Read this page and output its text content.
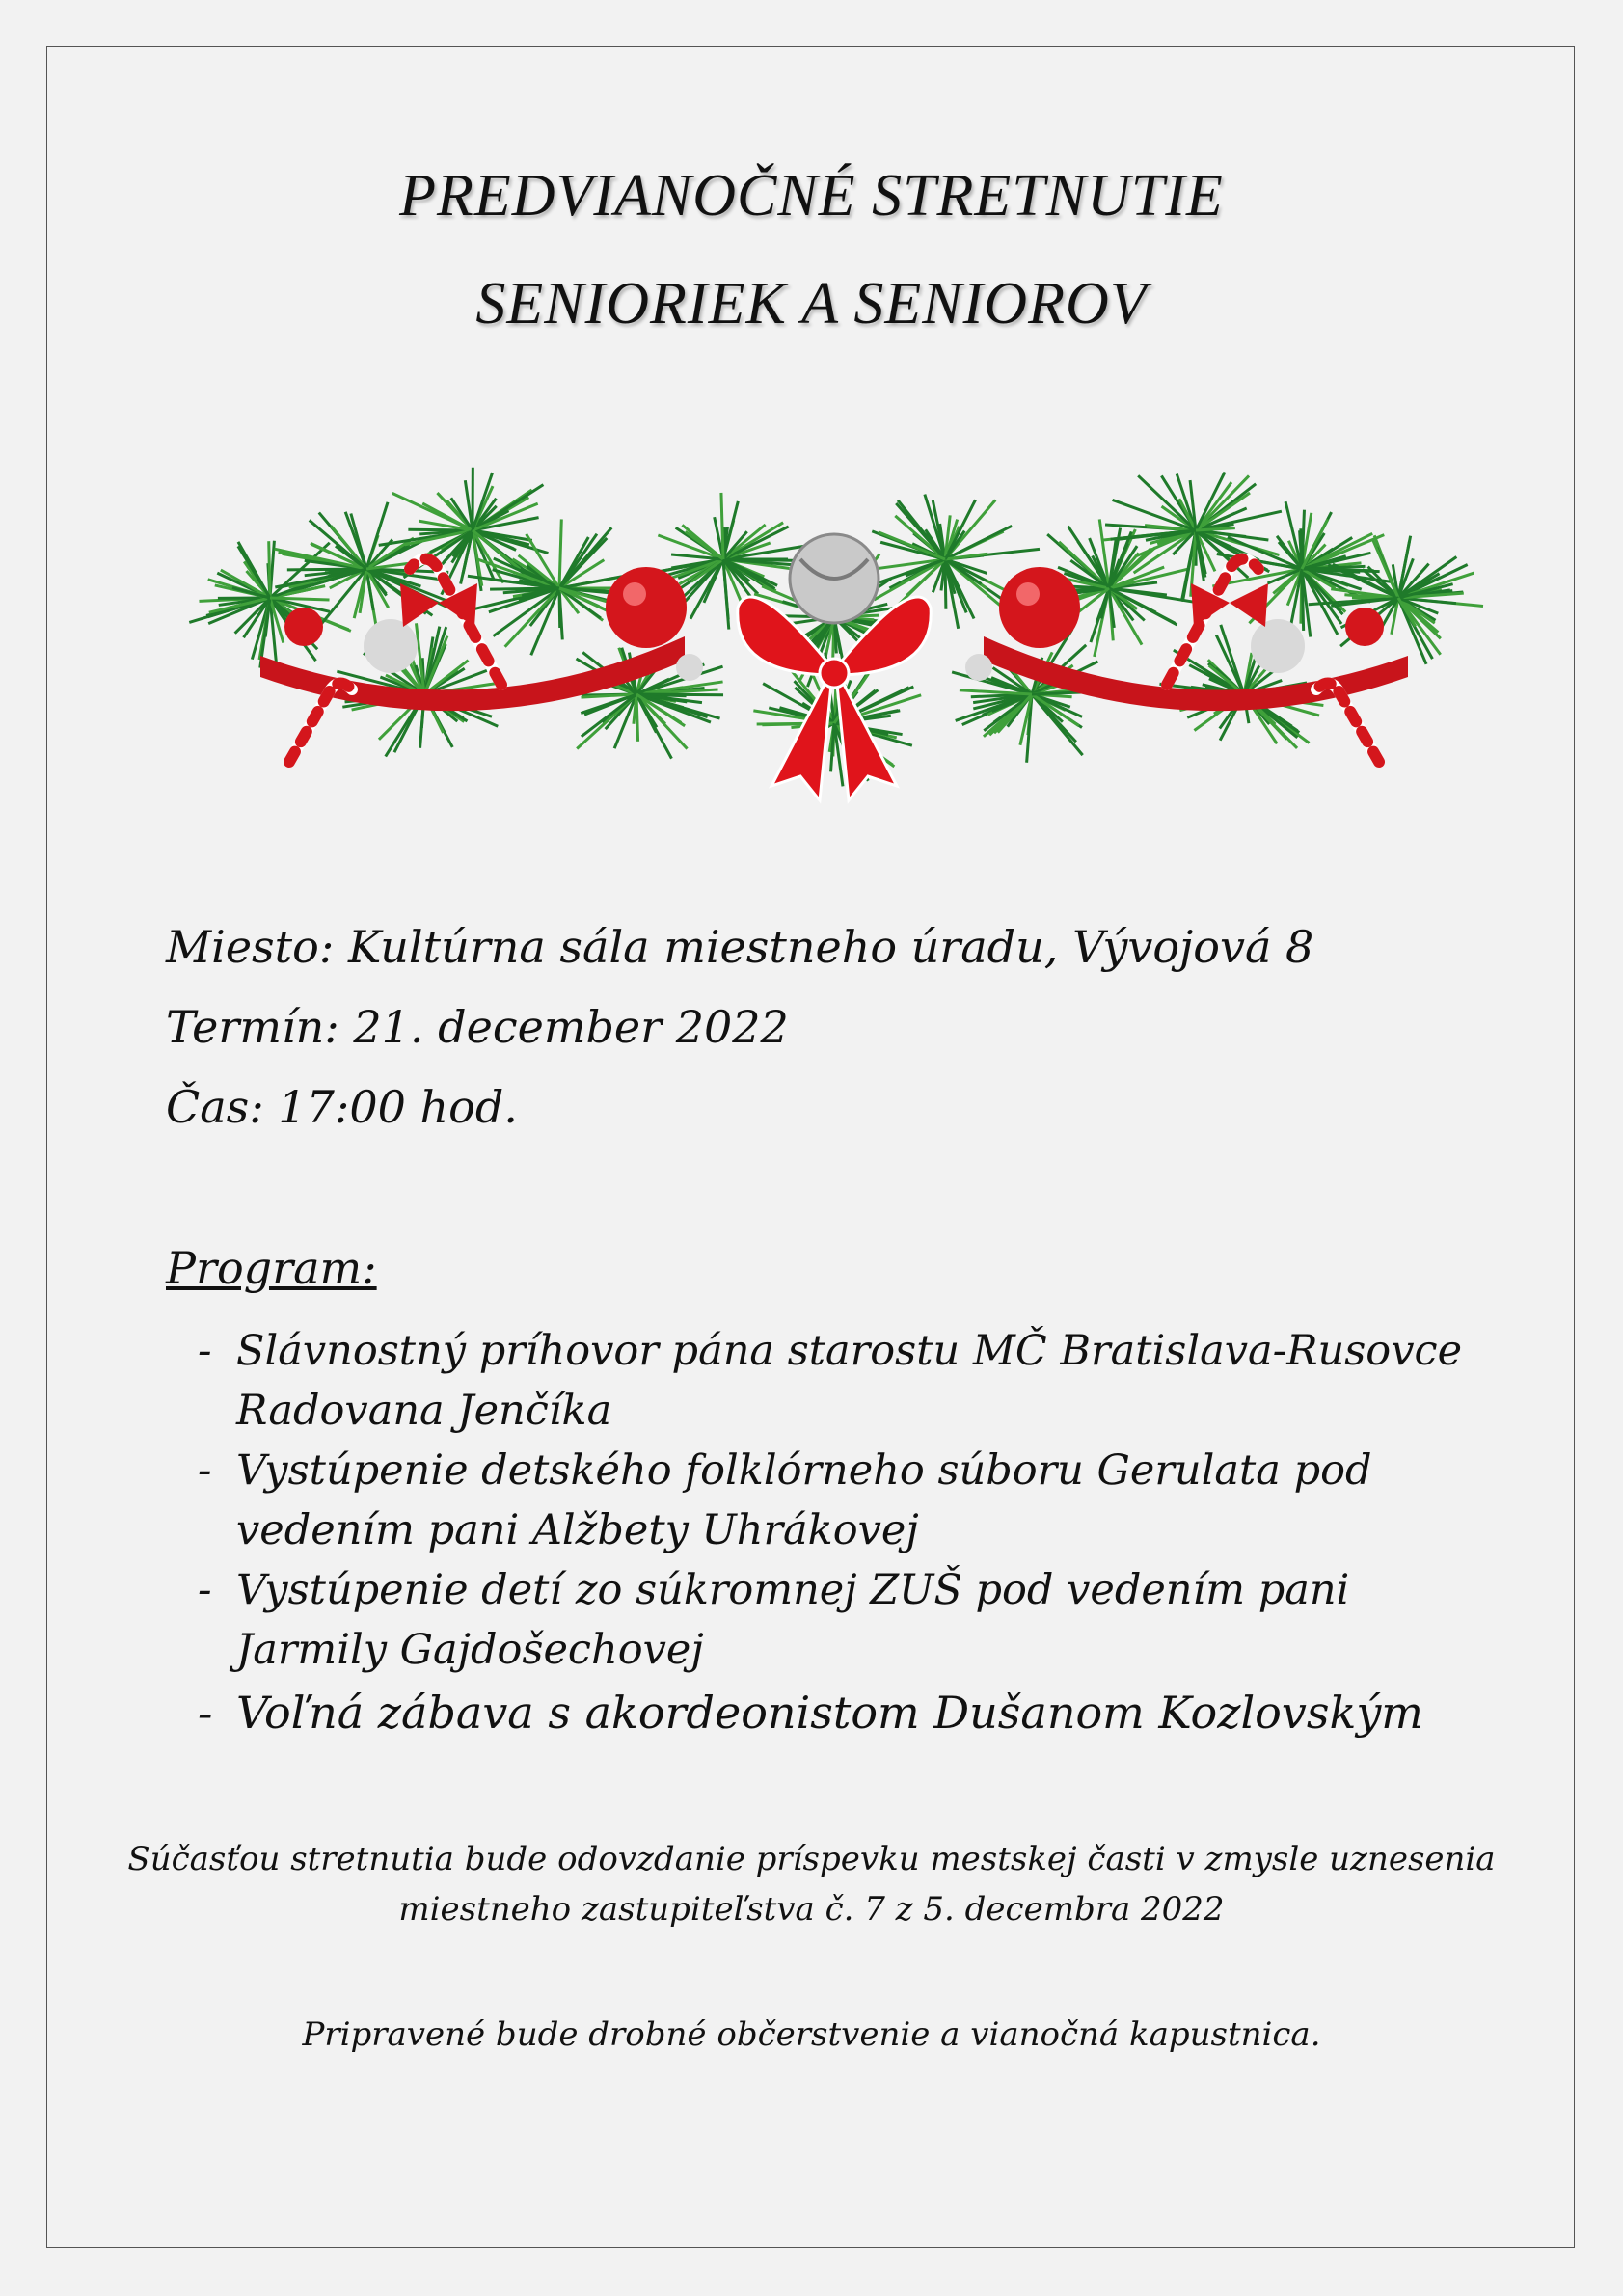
PREDVIANOČNÉ STRETNUTIE
SENIORIEK A SENIOROV
Miesto: Kultúrna sála miestneho úradu, Vývojová 8
Termín: 21. december 2022
Čas: 17:00 hod.
Program:
- Slávnostný príhovor pána starostu MČ Bratislava-Rusovce
Radovana Jenčíka
- Vystúpenie detského folklórneho súboru Gerulata pod
vedením pani Alžbety Uhrákovej
- Vystúpenie detí zo súkromnej ZUŠ pod vedením pani
Jarmily Gajdošechovej
- Voľná zábava s akordeonistom Dušanom Kozlovským
Súčasťou stretnutia bude odovzdanie príspevku mestskej časti v zmysle uznesenia
miestneho zastupiteľstva č. 7 z 5. decembra 2022
Pripravené bude drobné občerstvenie a vianočná kapustnica.
